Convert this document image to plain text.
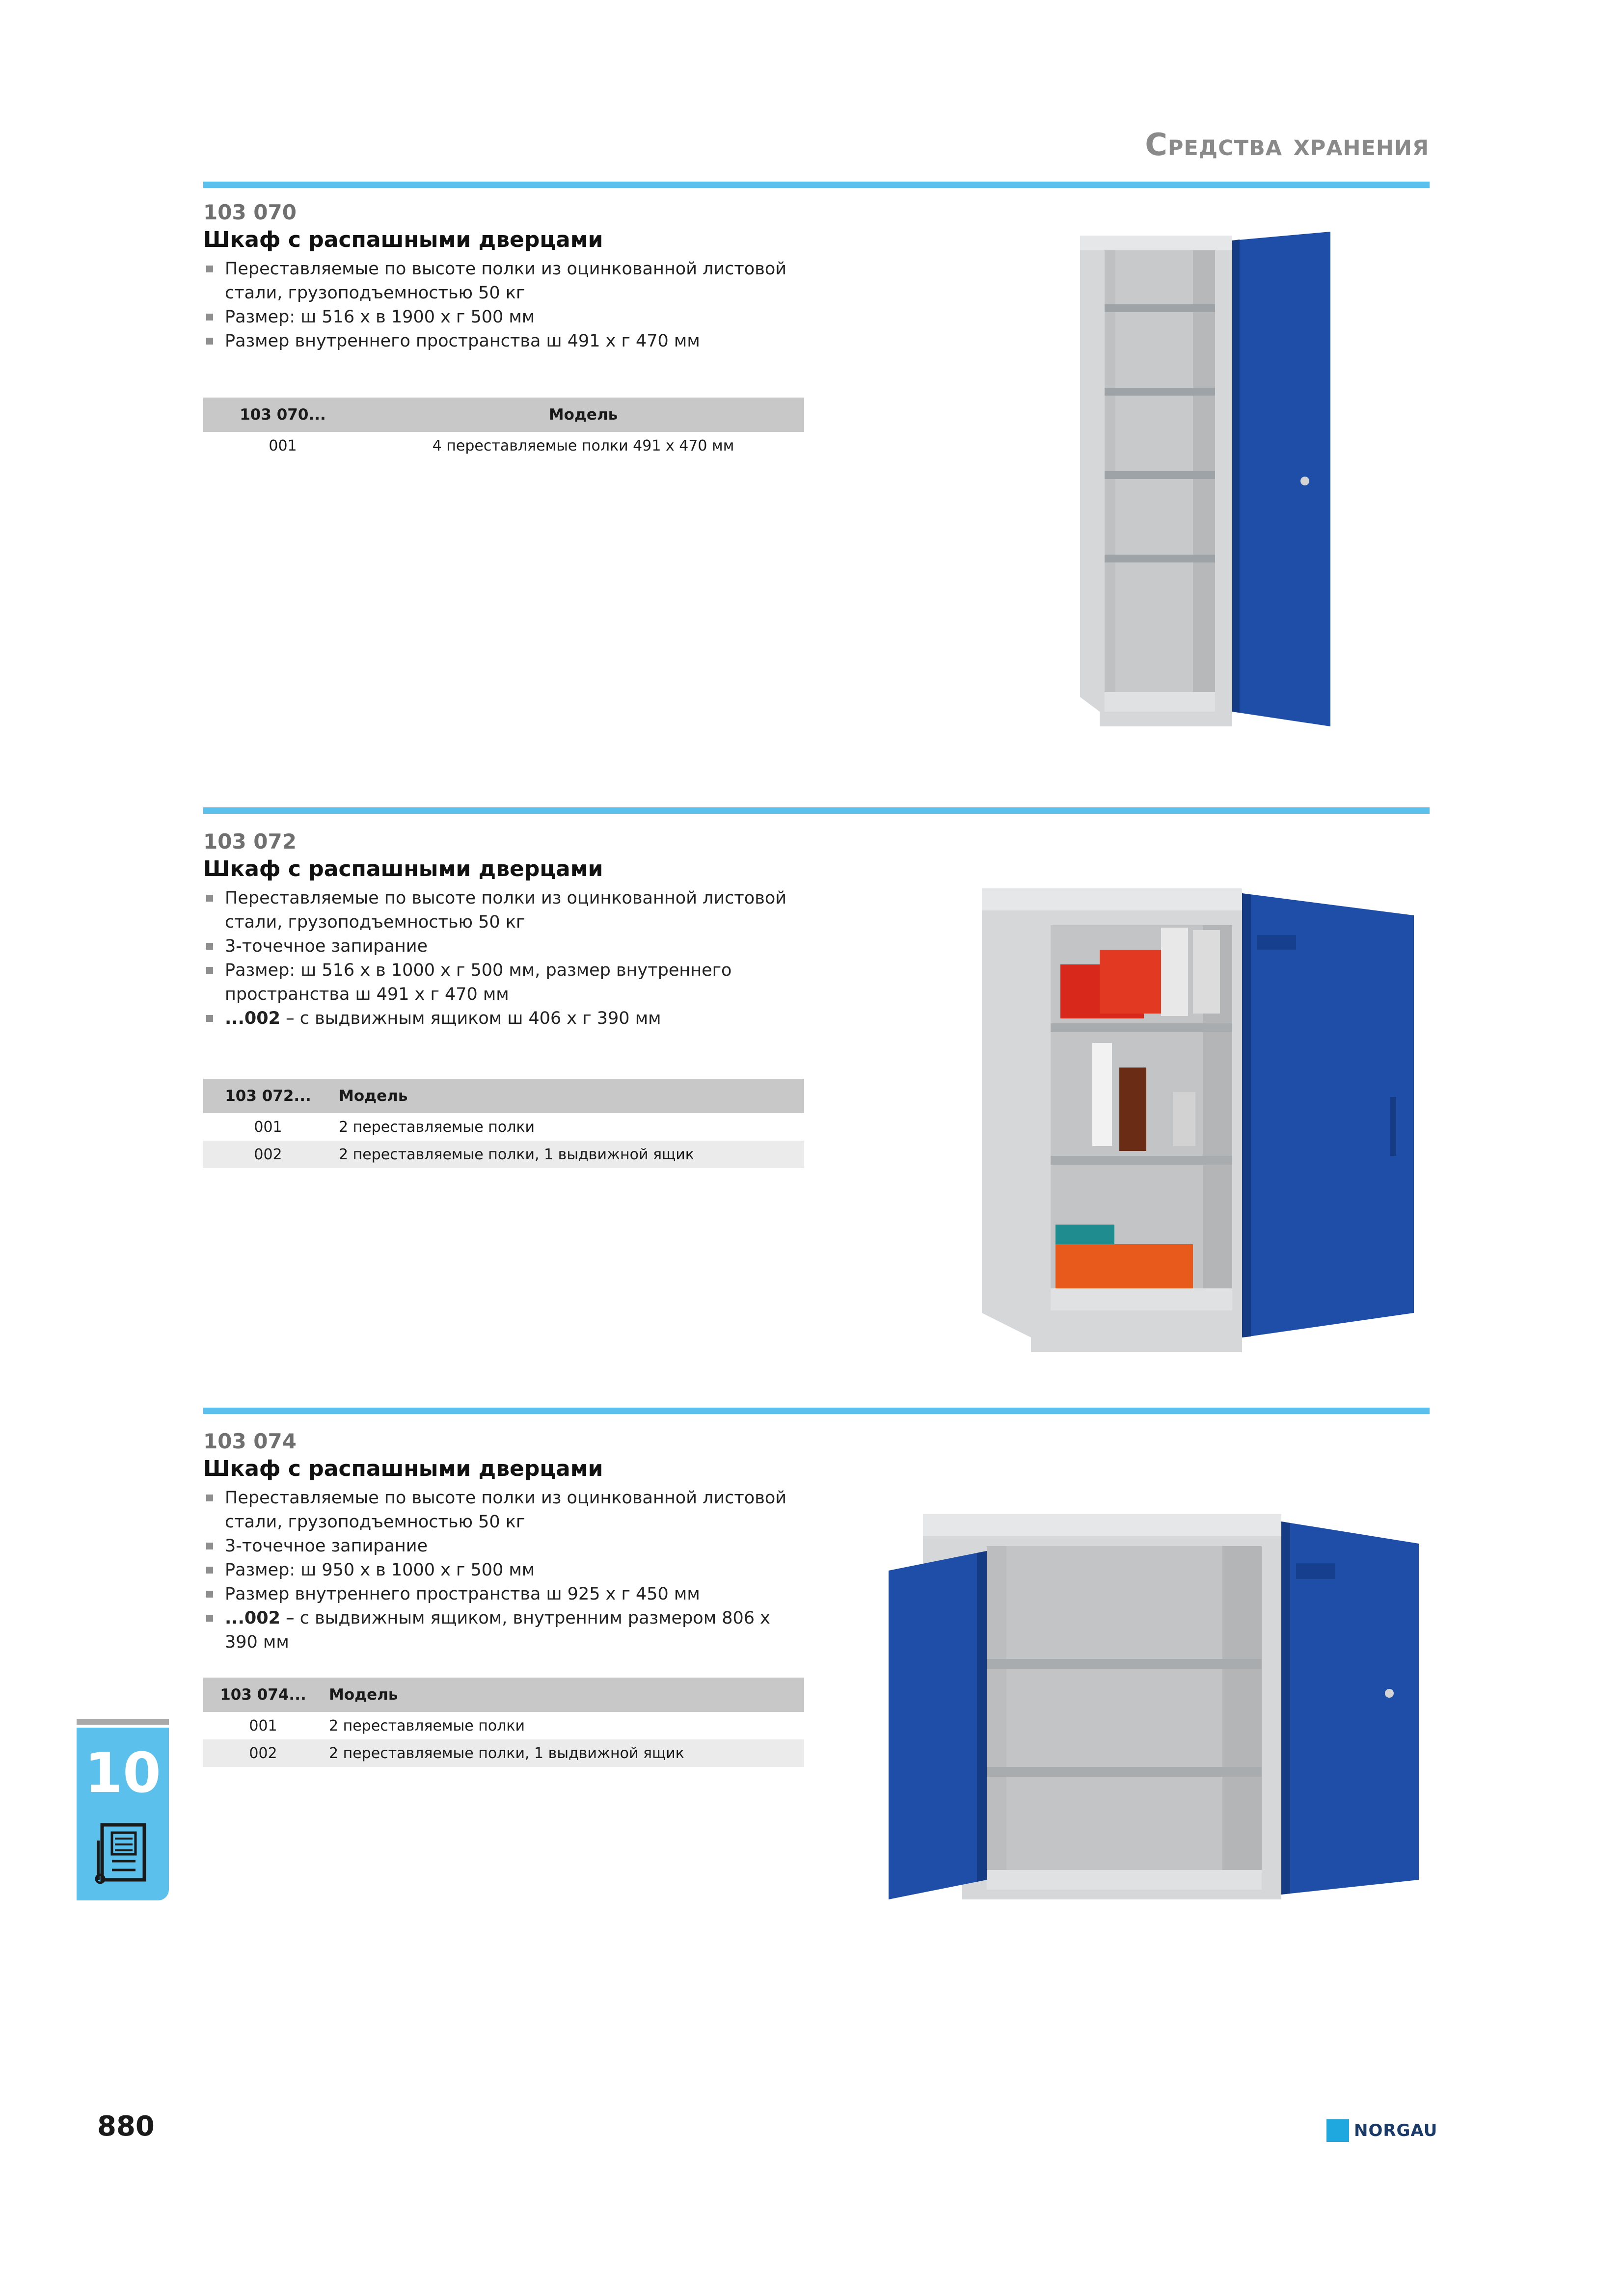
Средства хранения
103 070
Шкаф с распашными дверцами
Переставляемые по высоте полки из оцинкованной листовой стали, грузоподъемностью 50 кг
Размер: ш 516 х в 1900 х г 500 мм
Размер внутреннего пространства ш 491 х г 470 мм
103 070...	Модель
001	4 переставляемые полки 491 х 470 мм
103 072
Шкаф с распашными дверцами
Переставляемые по высоте полки из оцинкованной листовой стали, грузоподъемностью 50 кг
3-точечное запирание
Размер: ш 516 х в 1000 х г 500 мм, размер внутреннего пространства ш 491 х г 470 мм
...002 – с выдвижным ящиком ш 406 х г 390 мм
103 072...	Модель
001	2 переставляемые полки
002	2 переставляемые полки, 1 выдвижной ящик
103 074
Шкаф с распашными дверцами
Переставляемые по высоте полки из оцинкованной листовой стали, грузоподъемностью 50 кг
3-точечное запирание
Размер: ш 950 х в 1000 х г 500 мм
Размер внутреннего пространства ш 925 х г 450 мм
...002 – с выдвижным ящиком, внутренним размером 806 х 390 мм
103 074...	Модель
001	2 переставляемые полки
002	2 переставляемые полки, 1 выдвижной ящик
10
880	NORGAU
